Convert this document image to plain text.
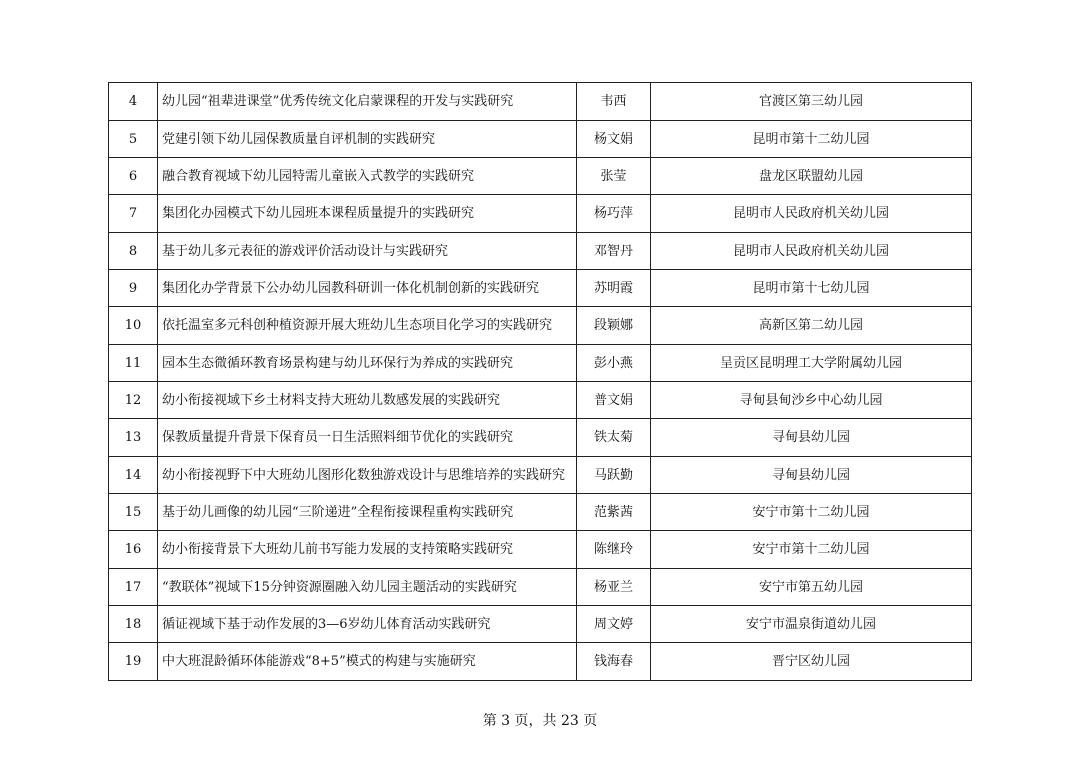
4	幼儿园“祖辈进课堂”优秀传统文化启蒙课程的开发与实践研究	韦西	官渡区第三幼儿园
5	党建引领下幼儿园保教质量自评机制的实践研究	杨文娟	昆明市第十二幼儿园
6	融合教育视域下幼儿园特需儿童嵌入式教学的实践研究	张莹	盘龙区联盟幼儿园
7	集团化办园模式下幼儿园班本课程质量提升的实践研究	杨巧萍	昆明市人民政府机关幼儿园
8	基于幼儿多元表征的游戏评价活动设计与实践研究	邓智丹	昆明市人民政府机关幼儿园
9	集团化办学背景下公办幼儿园教科研训一体化机制创新的实践研究	苏明霞	昆明市第十七幼儿园
10	依托温室多元科创种植资源开展大班幼儿生态项目化学习的实践研究	段颖娜	高新区第二幼儿园
11	园本生态微循环教育场景构建与幼儿环保行为养成的实践研究	彭小燕	呈贡区昆明理工大学附属幼儿园
12	幼小衔接视域下乡土材料支持大班幼儿数感发展的实践研究	普文娟	寻甸县甸沙乡中心幼儿园
13	保教质量提升背景下保育员一日生活照料细节优化的实践研究	铁太菊	寻甸县幼儿园
14	幼小衔接视野下中大班幼儿图形化数独游戏设计与思维培养的实践研究	马跃勤	寻甸县幼儿园
15	基于幼儿画像的幼儿园“三阶递进”全程衔接课程重构实践研究	范紫茜	安宁市第十二幼儿园
16	幼小衔接背景下大班幼儿前书写能力发展的支持策略实践研究	陈继玲	安宁市第十二幼儿园
17	“教联体”视域下15分钟资源圈融入幼儿园主题活动的实践研究	杨亚兰	安宁市第五幼儿园
18	循证视域下基于动作发展的3—6岁幼儿体育活动实践研究	周文婷	安宁市温泉街道幼儿园
19	中大班混龄循环体能游戏“8+5”模式的构建与实施研究	钱海春	晋宁区幼儿园
第 3 页，共 23 页
